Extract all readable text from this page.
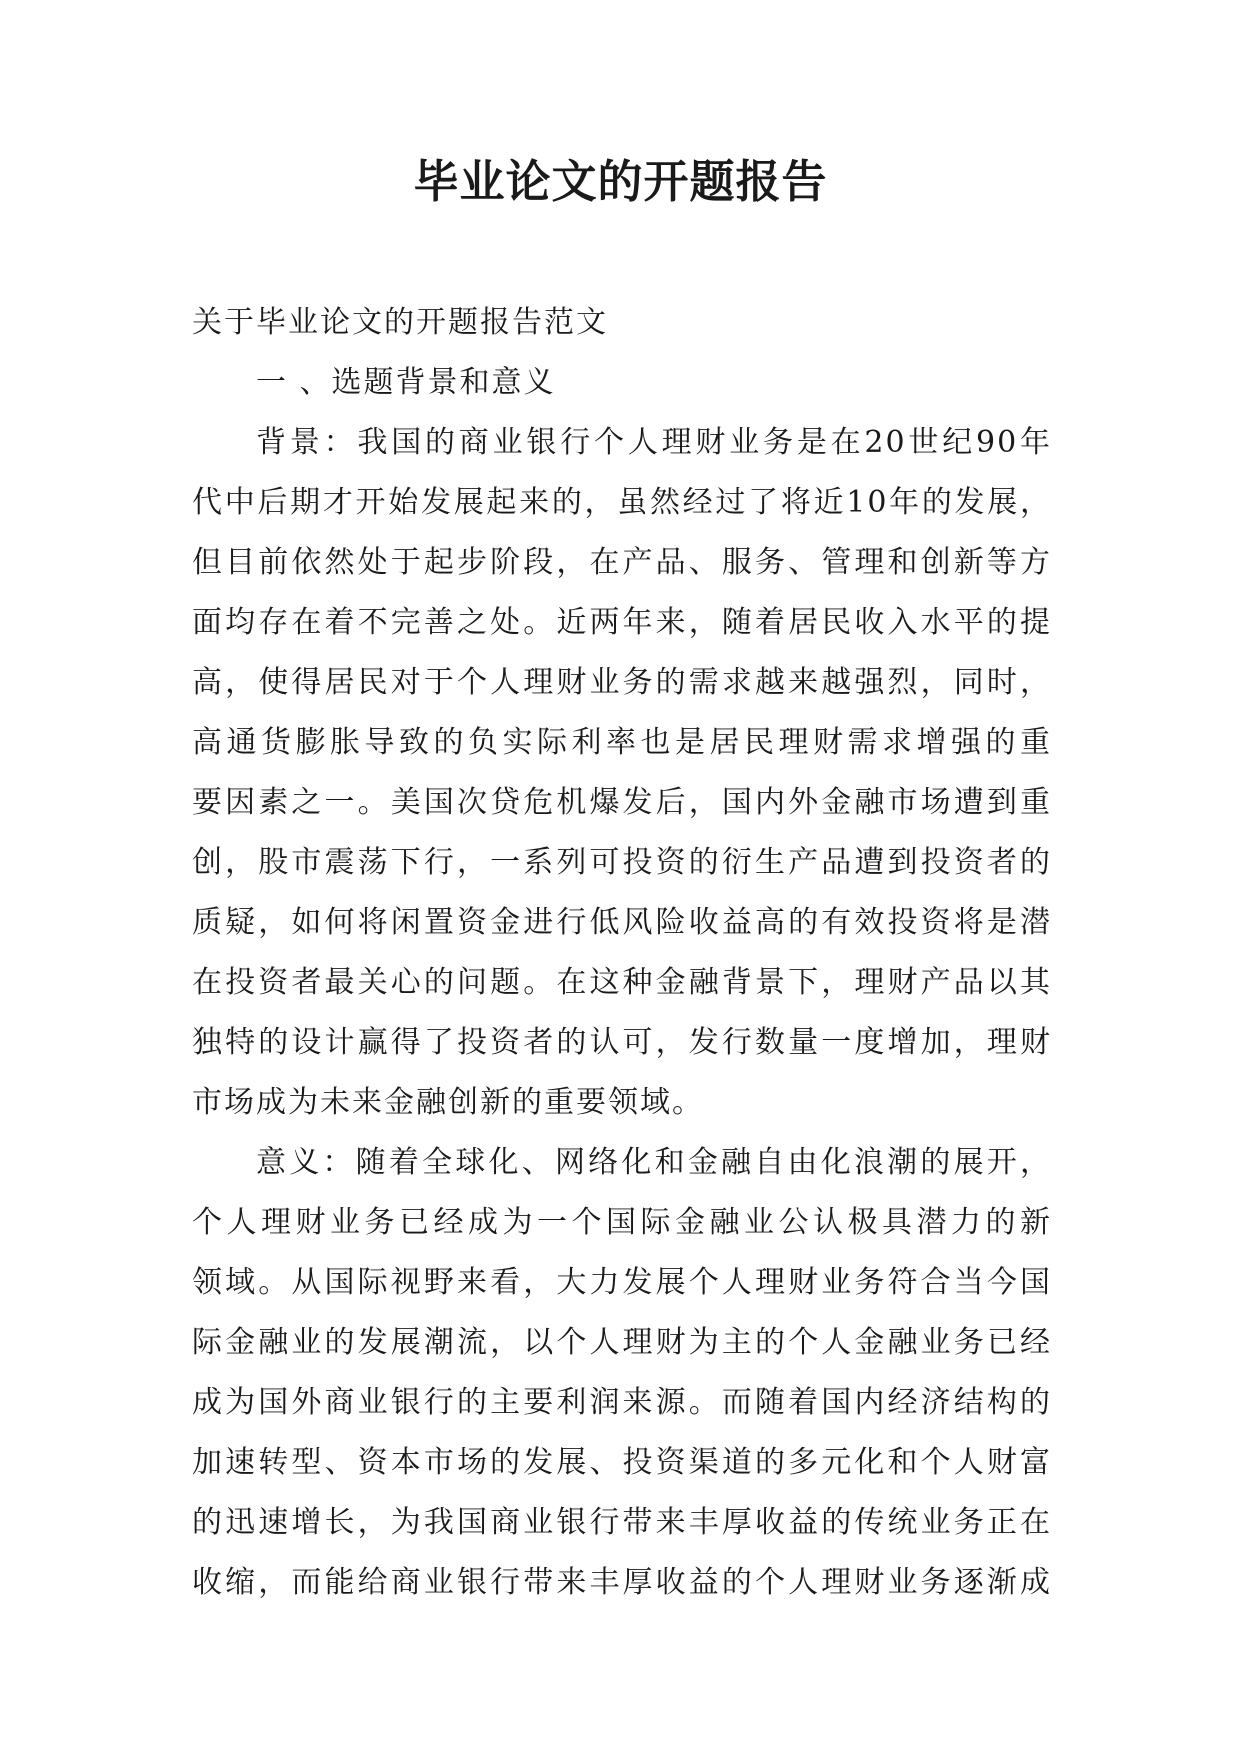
毕业论文的开题报告
关于毕业论文的开题报告范文
一 、选题背景和意义
背景：我国的商业银行个人理财业务是在20世纪90年
代中后期才开始发展起来的，虽然经过了将近10年的发展，
但目前依然处于起步阶段，在产品、服务、管理和创新等方
面均存在着不完善之处。近两年来，随着居民收入水平的提
高，使得居民对于个人理财业务的需求越来越强烈，同时，
高通货膨胀导致的负实际利率也是居民理财需求增强的重
要因素之一。美国次贷危机爆发后，国内外金融市场遭到重
创，股市震荡下行，一系列可投资的衍生产品遭到投资者的
质疑，如何将闲置资金进行低风险收益高的有效投资将是潜
在投资者最关心的问题。在这种金融背景下，理财产品以其
独特的设计赢得了投资者的认可，发行数量一度增加，理财
市场成为未来金融创新的重要领域。
意义：随着全球化、网络化和金融自由化浪潮的展开，
个人理财业务已经成为一个国际金融业公认极具潜力的新
领域。从国际视野来看，大力发展个人理财业务符合当今国
际金融业的发展潮流，以个人理财为主的个人金融业务已经
成为国外商业银行的主要利润来源。而随着国内经济结构的
加速转型、资本市场的发展、投资渠道的多元化和个人财富
的迅速增长，为我国商业银行带来丰厚收益的传统业务正在
收缩，而能给商业银行带来丰厚收益的个人理财业务逐渐成
